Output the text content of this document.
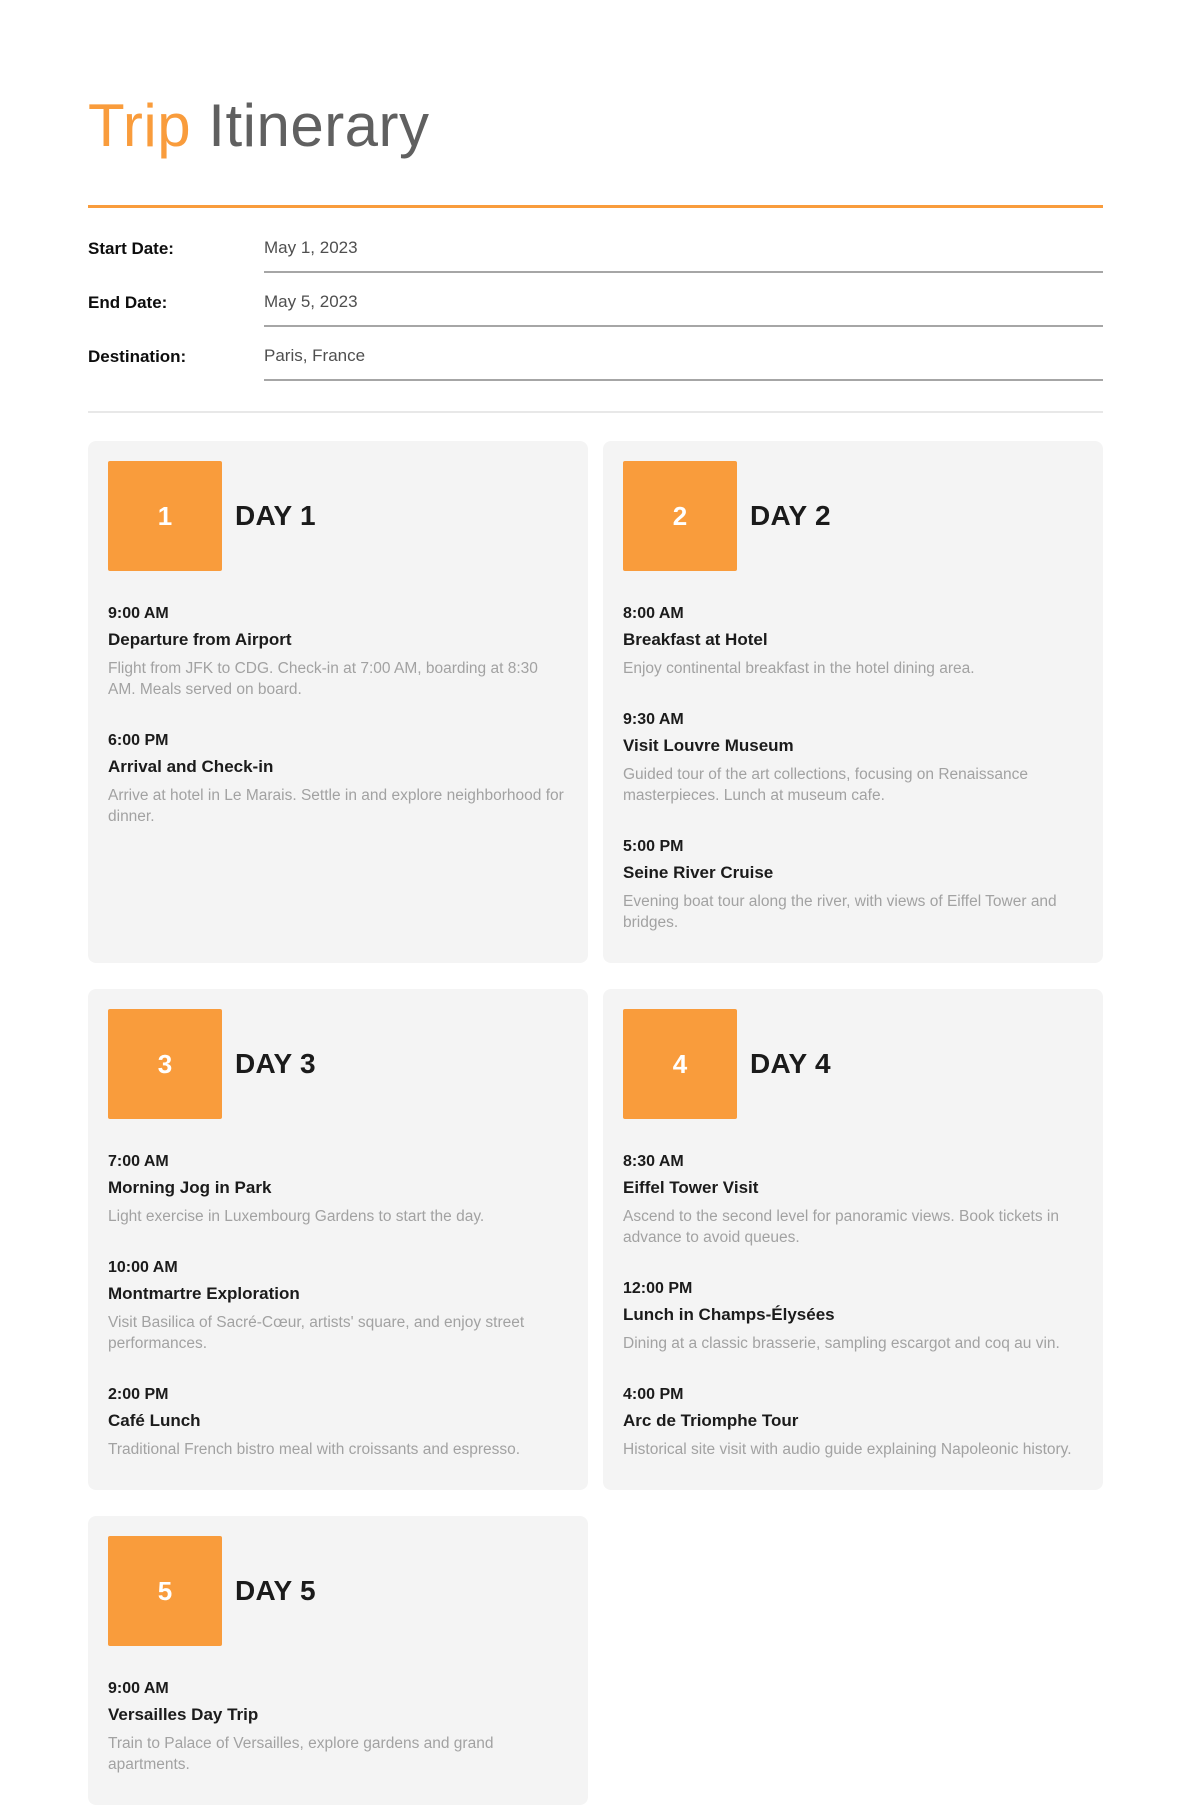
Trip Itinerary
Start Date:
May 1, 2023
End Date:
May 5, 2023
Destination:
Paris, France
1 DAY 1

9:00 AM

Departure from Airport

Flight from JFK to CDG. Check-in at 7:00 AM, boarding at 8:30 AM. Meals served on board.

6:00 PM

Arrival and Check-in

Arrive at hotel in Le Marais. Settle in and explore neighborhood for dinner.

2 DAY 2

8:00 AM

Breakfast at Hotel

Enjoy continental breakfast in the hotel dining area.

9:30 AM

Visit Louvre Museum

Guided tour of the art collections, focusing on Renaissance masterpieces. Lunch at museum cafe.

5:00 PM

Seine River Cruise

Evening boat tour along the river, with views of Eiffel Tower and bridges.

3 DAY 3

7:00 AM

Morning Jog in Park

Light exercise in Luxembourg Gardens to start the day.

10:00 AM

Montmartre Exploration

Visit Basilica of Sacré-Cœur, artists' square, and enjoy street performances.

2:00 PM

Café Lunch

Traditional French bistro meal with croissants and espresso.

4 DAY 4

8:30 AM

Eiffel Tower Visit

Ascend to the second level for panoramic views. Book tickets in advance to avoid queues.

12:00 PM

Lunch in Champs-Élysées

Dining at a classic brasserie, sampling escargot and coq au vin.

4:00 PM

Arc de Triomphe Tour

Historical site visit with audio guide explaining Napoleonic history.

5 DAY 5

9:00 AM

Versailles Day Trip

Train to Palace of Versailles, explore gardens and grand apartments.
